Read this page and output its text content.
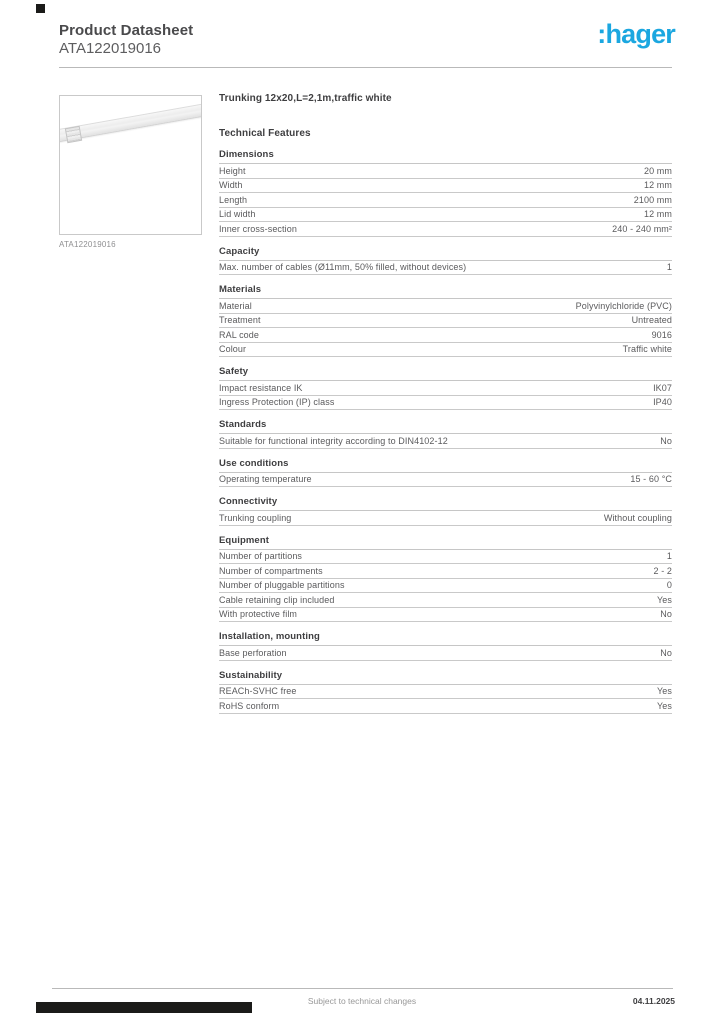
Product Datasheet
ATA122019016	:hager
ATA122019016
Trunking 12x20,L=2,1m,traffic white
Technical Features
Dimensions
Height	20 mm
Width	12 mm
Length	2100 mm
Lid width	12 mm
Inner cross-section	240 - 240 mm²
Capacity
Max. number of cables (Ø11mm, 50% filled, without devices)	1
Materials
Material	Polyvinylchloride (PVC)
Treatment	Untreated
RAL code	9016
Colour	Traffic white
Safety
Impact resistance IK	IK07
Ingress Protection (IP) class	IP40
Standards
Suitable for functional integrity according to DIN4102-12	No
Use conditions
Operating temperature	15 - 60 °C
Connectivity
Trunking coupling	Without coupling
Equipment
Number of partitions	1
Number of compartments	2 - 2
Number of pluggable partitions	0
Cable retaining clip included	Yes
With protective film	No
Installation, mounting
Base perforation	No
Sustainability
REACh-SVHC free	Yes
RoHS conform	Yes
Subject to technical changes	04.11.2025
